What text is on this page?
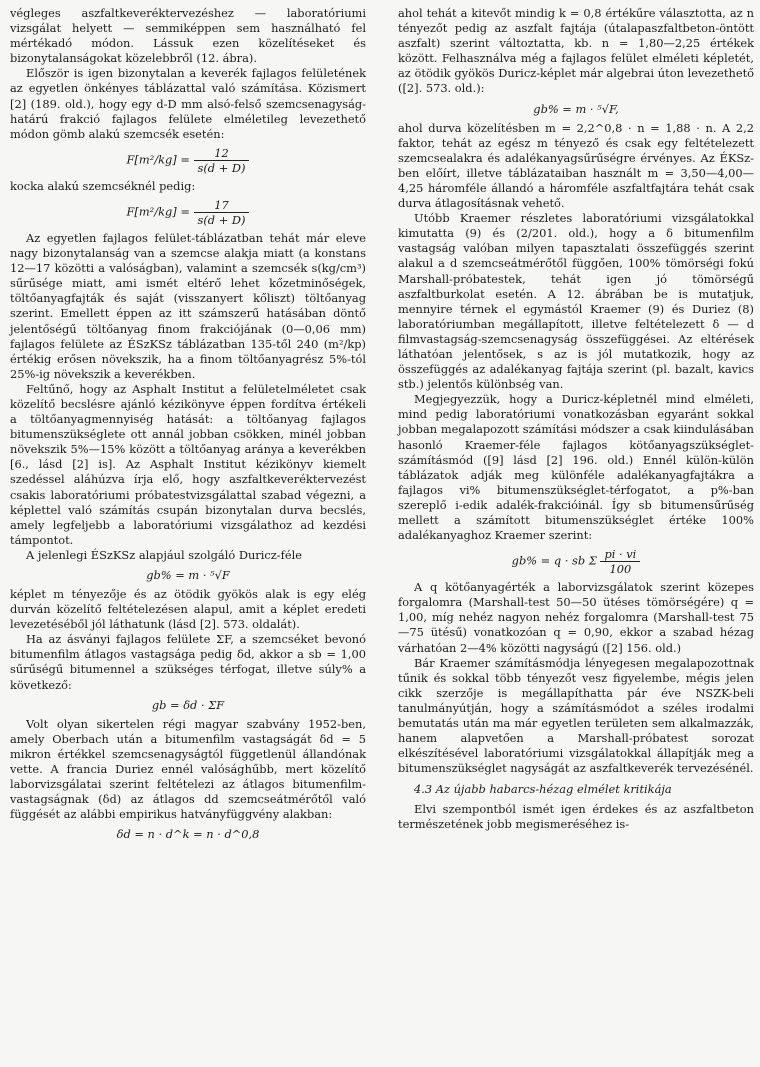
végleges aszfaltkeveréktervezéshez — laboratóriumi vizsgálat helyett — semmiképpen sem használható fel mértékadó módon. Lássuk ezen közelítéseket és bizonytalanságokat közelebbről (12. ábra).

Először is igen bizonytalan a keverék fajlagos felületének az egyetlen önkényes táblázattal való számítása. Közismert [2] (189. old.), hogy egy d-D mm alsó-felső szemcsenagyság-határú frakció fajlagos felülete elméletileg levezethető módon gömb alakú szemcsék esetén:

$F[m^2/kg] = \frac{12}{s(d + D)}$

kocka alakú szemcséknél pedig:

$F[m^2/kg] = \frac{17}{s(d + D)}$

Az egyetlen fajlagos felület-táblázatban tehát már eleve nagy bizonytalanság van a szemcse alakja miatt (a konstans 12—17 közötti a valóságban), valamint a szemcsék s(kg/cm³) sűrűsége miatt, ami ismét eltérő lehet kőzetminőségek, töltőanyagfajták és saját (visszanyert kőliszt) töltőanyag szerint. Emellett éppen az itt számszerű hatásában döntő jelentőségű töltőanyag finom frakciójának (0—0,06 mm) fajlagos felülete az ÉSzKSz táblázatban 135-től 240 (m²/kp) értékig erősen növekszik, ha a finom töltőanyagrész 5%-tól 25%-ig növekszik a keverékben.

Feltűnő, hogy az Asphalt Institut a felületelméletet csak közelítő becslésre ajánló kézikönyve éppen fordítva értékeli a töltőanyagmennyiség hatását: a töltőanyag fajlagos bitumenszükséglete ott annál jobban csökken, minél jobban növekszik 5%—15% között a töltőanyag aránya a keverékben [6., lásd [2] is]. Az Asphalt Institut kézikönyv kiemelt szedéssel aláhúzva írja elő, hogy aszfaltkeveréktervezést csakis laboratóriumi próbatestvizsgálattal szabad végezni, a képlettel való számítás csupán bizonytalan durva becslés, amely legfeljebb a laboratóriumi vizsgálathoz ad kezdési támpontot.

A jelenlegi ÉSzKSz alapjául szolgáló Duricz-féle

gb% = m · ⁵√F

képlet m tényezője és az ötödik gyökös alak is egy elég durván közelítő feltételezésen alapul, amit a képlet eredeti levezetéséből jól láthatunk (lásd [2]. 573. oldalát).

Ha az ásványi fajlagos felülete ΣF, a szemcséket bevonó bitumenfilm átlagos vastagsága pedig δd, akkor a sb = 1,00 sűrűségű bitumennel a szükséges térfogat, illetve súly% a következő:

gb = δd · ΣF

Volt olyan sikertelen régi magyar szabvány 1952-ben, amely Oberbach után a bitumenfilm vastagságát δd = 5 mikron értékkel szemcsenagyságtól függetlenül állandónak vette. A francia Duriez ennél valósághűbb, mert közelítő laborvizsgálatai szerint feltételezi az átlagos bitumenfilm-vastagságnak (δd) az átlagos dd szemcseátmérőtől való függését az alábbi empirikus hatványfüggvény alakban:

δd = n · d^k = n · d^0,8

ahol tehát a kitevőt mindig k = 0,8 értékűre választotta, az n tényezőt pedig az aszfalt fajtája (útalapaszfaltbeton-öntött aszfalt) szerint változtatta, kb. n = 1,80—2,25 értékek között. Felhasználva még a fajlagos felület elméleti képletét, az ötödik gyökös Duricz-képlet már algebrai úton levezethető ([2]. 573. old.):

gb% = m · ⁵√F,

ahol durva közelítésben m = 2,2^0,8 · n = 1,88 · n. A 2,2 faktor, tehát az egész m tényező és csak egy feltételezett szemcsealakra és adalékanyagsűrűségre érvényes. Az ÉKSz-ben előírt, illetve táblázataiban használt m = 3,50—4,00—4,25 háromféle állandó a háromféle aszfaltfajtára tehát csak durva átlagosításnak vehető.

Utóbb Kraemer részletes laboratóriumi vizsgálatokkal kimutatta (9) és (2/201. old.), hogy a δ bitumenfilm vastagság valóban milyen tapasztalati összefüggés szerint alakul a d szemcseátmérőtől függően, 100% tömörségi fokú Marshall-próbatestek, tehát igen jó tömörségű aszfaltburkolat esetén. A 12. ábrában be is mutatjuk, mennyire térnek el egymástól Kraemer (9) és Duriez (8) laboratóriumban megállapított, illetve feltételezett δ — d filmvastagság-szemcsenagyság összefüggései. Az eltérések láthatóan jelentősek, s az is jól mutatkozik, hogy az összefüggés az adalékanyag fajtája szerint (pl. bazalt, kavics stb.) jelentős különbség van.

Megjegyezzük, hogy a Duricz-képletnél mind elméleti, mind pedig laboratóriumi vonatkozásban egyaránt sokkal jobban megalapozott számítási módszer a csak kiindulásában hasonló Kraemer-féle fajlagos kötőanyagszükséglet-számításmód ([9] lásd [2] 196. old.) Ennél külön-külön táblázatok adják meg különféle adalékanyagfajtákra a fajlagos vi% bitumenszükséglet-térfogatot, a p%-ban szereplő i-edik adalék-frakcióinál. Így sb bitumensűrűség mellett a számított bitumenszükséglet értéke 100% adalékanyaghoz Kraemer szerint:

gb% = q · sb Σ $\frac{pi \cdot vi}{100}$

A q kötőanyagérték a laborvizsgálatok szerint közepes forgalomra (Marshall-test 50—50 ütéses tömörségére) q = 1,00, míg nehéz nagyon nehéz forgalomra (Marshall-test 75—75 ütésű) vonatkozóan q = 0,90, ekkor a szabad hézag várhatóan 2—4% közötti nagyságú ([2] 156. old.)

Bár Kraemer számításmódja lényegesen megalapozottnak tűnik és sokkal több tényezőt vesz figyelembe, mégis jelen cikk szerzője is megállapíthatta pár éve NSZK-beli tanulmányútján, hogy a számításmódot a széles irodalmi bemutatás után ma már egyetlen területen sem alkalmazzák, hanem alapvetően a Marshall-próbatest sorozat elkészítésével laboratóriumi vizsgálatokkal állapítják meg a bitumenszükséglet nagyságát az aszfaltkeverék tervezésénél.

4.3 Az újabb habarcs-hézag elmélet kritikája

Elvi szempontból ismét igen érdekes és az aszfaltbeton természetének jobb megismeréséhez is-
